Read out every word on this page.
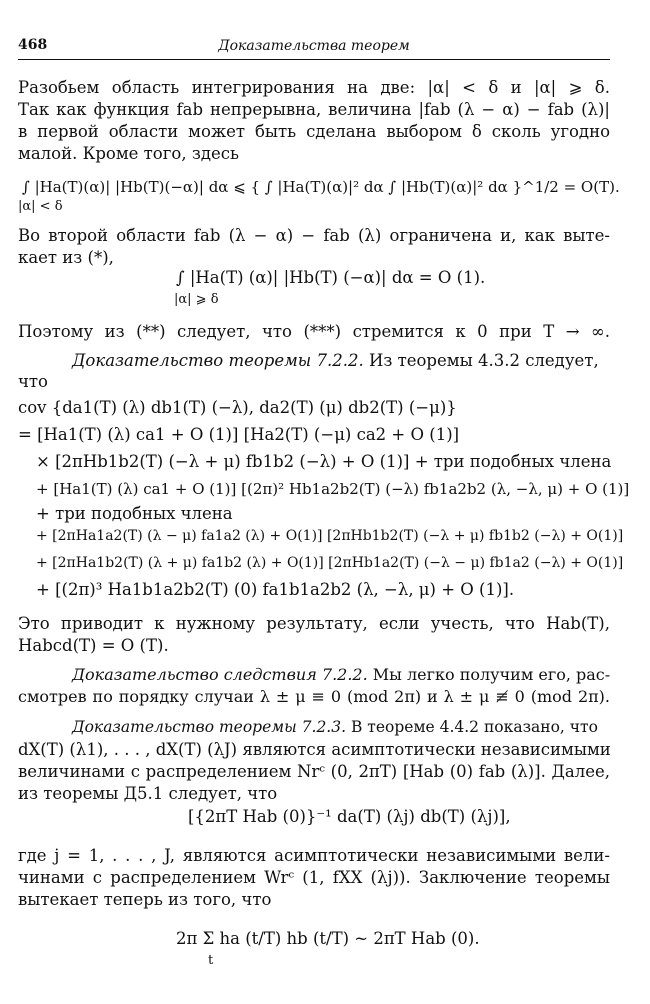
468	Доказательства теорем
Разобьем область интегрирования на две: |α| < δ и |α| ⩾ δ.
Так как функция fab непрерывна, величина |fab (λ − α) − fab (λ)|
в первой области может быть сделана выбором δ сколь угодно
малой. Кроме того, здесь
∫ |Ha(T)(α)| |Hb(T)(−α)| dα ⩽ { ∫ |Ha(T)(α)|² dα ∫ |Hb(T)(α)|² dα }^1/2 = O(T).
|α| < δ
Во второй области fab (λ − α) − fab (λ) ограничена и, как выте-
кает из (*),
∫ |Ha(T) (α)| |Hb(T) (−α)| dα = O (1).
|α| ⩾ δ
Поэтому из (**) следует, что (***) стремится к 0 при T → ∞.
Доказательство теоремы 7.2.2. Из теоремы 4.3.2 следует,
что
cov {da1(T) (λ) db1(T) (−λ), da2(T) (μ) db2(T) (−μ)}
= [Ha1(T) (λ) ca1 + O (1)] [Ha2(T) (−μ) ca2 + O (1)]
× [2πHb1b2(T) (−λ + μ) fb1b2 (−λ) + O (1)] + три подобных члена
+ [Ha1(T) (λ) ca1 + O (1)] [(2π)² Hb1a2b2(T) (−λ) fb1a2b2 (λ, −λ, μ) + O (1)]
+ три подобных члена
+ [2πHa1a2(T) (λ − μ) fa1a2 (λ) + O(1)] [2πHb1b2(T) (−λ + μ) fb1b2 (−λ) + O(1)]
+ [2πHa1b2(T) (λ + μ) fa1b2 (λ) + O(1)] [2πHb1a2(T) (−λ − μ) fb1a2 (−λ) + O(1)]
+ [(2π)³ Ha1b1a2b2(T) (0) fa1b1a2b2 (λ, −λ, μ) + O (1)].
Это приводит к нужному результату, если учесть, что Hab(T),
Habcd(T) = O (T).
Доказательство следствия 7.2.2. Мы легко получим его, рас-
смотрев по порядку случаи λ ± μ ≡ 0 (mod 2π) и λ ± μ ≢ 0 (mod 2π).
Доказательство теоремы 7.2.3. В теореме 4.4.2 показано, что
dX(T) (λ1), . . . , dX(T) (λJ) являются асимптотически независимыми
величинами с распределением Nrᶜ (0, 2πT) [Hab (0) fab (λ)]. Далее,
из теоремы Д5.1 следует, что
[{2πT Hab (0)}⁻¹ da(T) (λj) db(T) (λj)],
где j = 1, . . . , J, являются асимптотически независимыми вели-
чинами с распределением Wrᶜ (1, fXX (λj)). Заключение теоремы
вытекает теперь из того, что
2π Σ ha (t/T) hb (t/T) ~ 2πT Hab (0).
t
